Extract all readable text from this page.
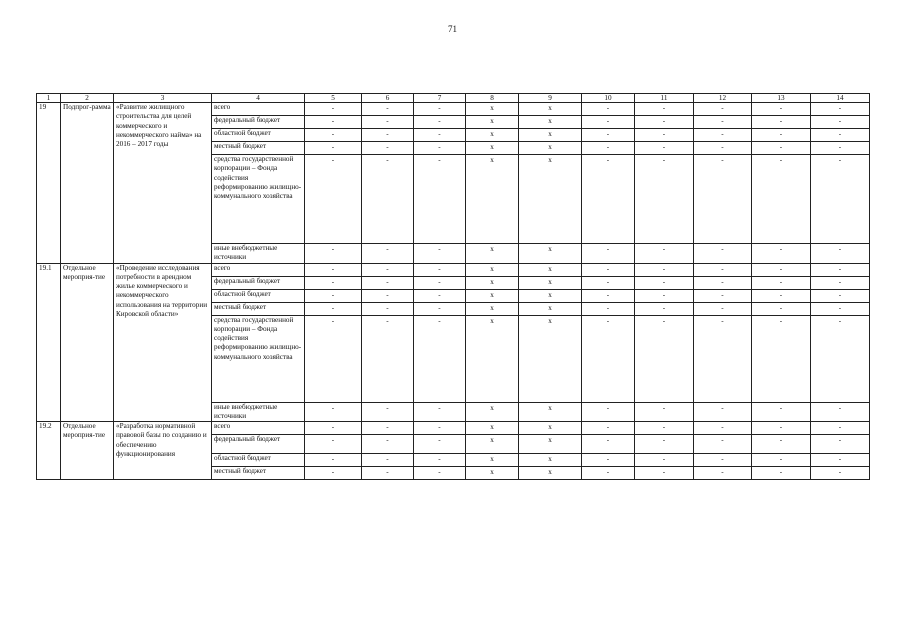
71
1	2	3	4	5	6	7	8	9	10	11	12	13	14
19	Подпрог-рамма	«Развитие жилищного строительства для целей коммерческого и некоммерческого найма» на 2016 – 2017 годы	всего	-	-	-	х	х	-	-	-	-	-
			федеральный бюджет	-	-	-	х	х	-	-	-	-	-
			областной бюджет	-	-	-	х	х	-	-	-	-	-
			местный бюджет	-	-	-	х	х	-	-	-	-	-
			средства государственной корпорации – Фонда содействия реформированию жилищно-коммунального хозяйства	-	-	-	х	х	-	-	-	-	-
			иные внебюджетные источники	-	-	-	х	х	-	-	-	-	-
19.1	Отдельное мероприя-тие	«Проведение исследования потребности в арендном жилье коммерческого и некоммерческого использования на территории Кировской области»	всего	-	-	-	х	х	-	-	-	-	-
			федеральный бюджет	-	-	-	х	х	-	-	-	-	-
			областной бюджет	-	-	-	х	х	-	-	-	-	-
			местный бюджет	-	-	-	х	х	-	-	-	-	-
			средства государственной корпорации – Фонда содействия реформированию жилищно-коммунального хозяйства	-	-	-	х	х	-	-	-	-	-
			иные внебюджетные источники	-	-	-	х	х	-	-	-	-	-
19.2	Отдельное мероприя-тие	«Разработка нормативной правовой базы по созданию и обеспечению функционирования	всего	-	-	-	х	х	-	-	-	-	-
			федеральный бюджет	-	-	-	х	х	-	-	-	-	-
			областной бюджет	-	-	-	х	х	-	-	-	-	-
			местный бюджет	-	-	-	х	х	-	-	-	-	-
